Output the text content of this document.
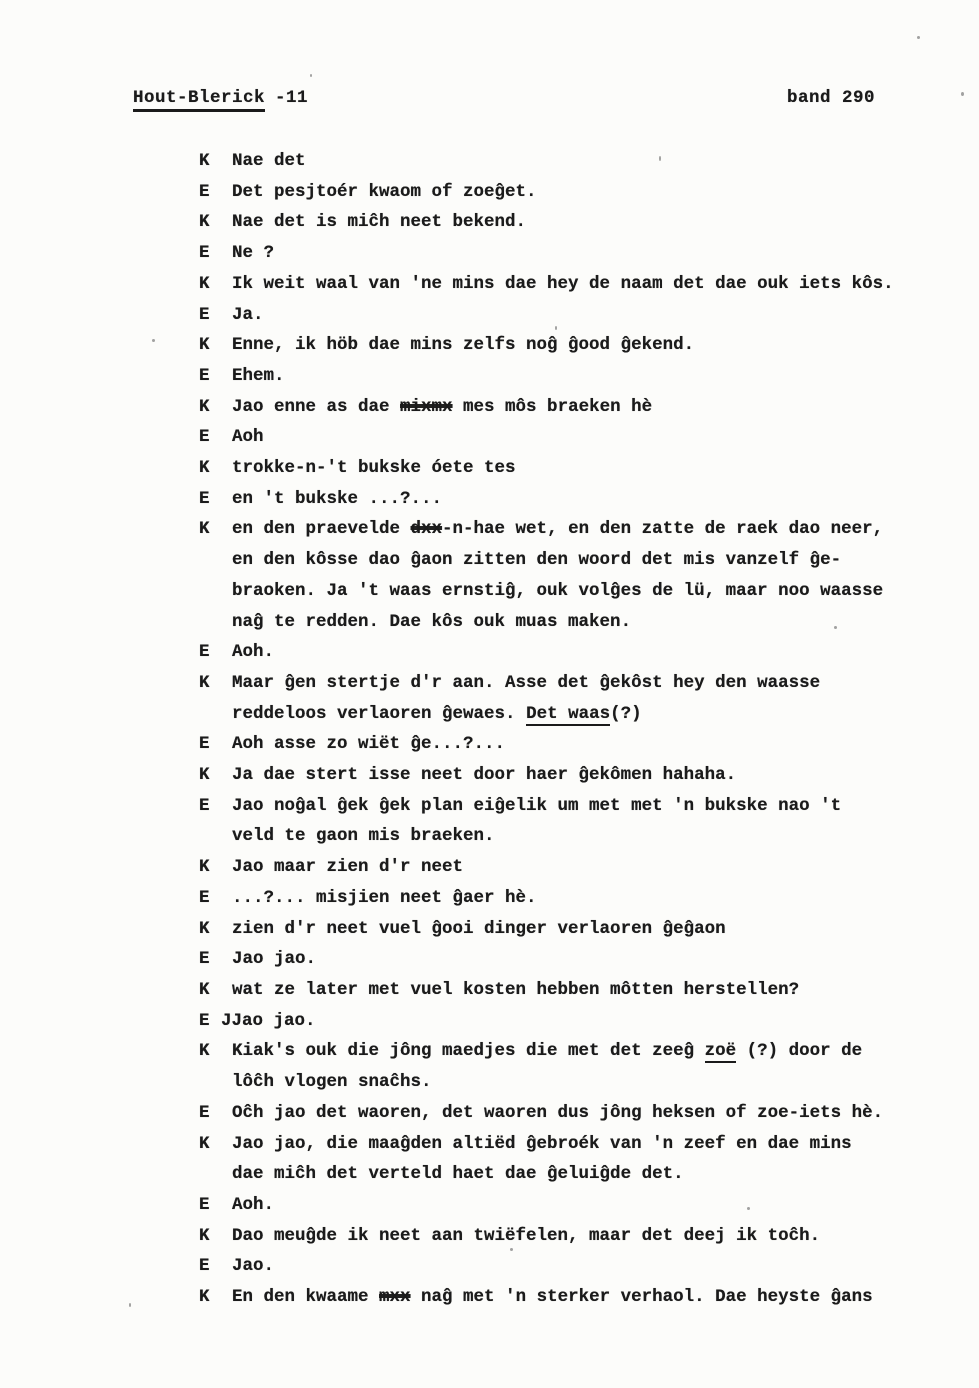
Hout-Blerick -11	band 290
K	Nae det
E	Det pesjtoér kwaom of zoeĝet.
K	Nae det is miĉh neet bekend.
E	Ne ?
K	Ik weit waal van 'ne mins dae hey de naam det dae ouk iets kôs.
E	Ja.
K	Enne, ik höb dae mins zelfs noĝ ĝood ĝekend.
E	Ehem.
K	Jao enne as dae mixmx mes môs braeken hè
E	Aoh
K	trokke-n-'t bukske óete tes
E	en 't bukske ...?...
K	en den praevelde dxx-n-hae wet, en den zatte de raek dao neer,

en den kôsse dao ĝaon zitten den woord det mis vanzelf ĝe-

braoken. Ja 't waas ernstiĝ, ouk volĝes de lü, maar noo waasse

naĝ te redden. Dae kôs ouk muas maken.
E	Aoh.
K	Maar ĝen stertje d'r aan. Asse det ĝekôst hey den waasse

reddeloos verlaoren ĝewaes. Det waas(?)
E	Aoh asse zo wiët ĝe...?...
K	Ja dae stert isse neet door haer ĝekômen hahaha.
E	Jao noĝal ĝek ĝek plan eiĝelik um met met 'n bukske nao 't

veld te gaon mis braeken.
K	Jao maar zien d'r neet
E	...?... misjien neet ĝaer hè.
K	zien d'r neet vuel ĝooi dinger verlaoren ĝeĝaon
E	Jao jao.
K	wat ze later met vuel kosten hebben môtten herstellen?
E JJao jao.
K	Kiak's ouk die jông maedjes die met det zeeĝ zoë (?) door de

lôĉh vlogen snaĉhs.
E	Oĉh jao det waoren, det waoren dus jông heksen of zoe-iets hè.
K	Jao jao, die maaĝden altiëd ĝebroék van 'n zeef en dae mins

dae miĉh det verteld haet dae ĝeluiĝde det.
E	Aoh.
K	Dao meuĝde ik neet aan twiëfelen, maar det deej ik toĉh.
E	Jao.
K	En den kwaame mxx naĝ met 'n sterker verhaol. Dae heyste ĝans
